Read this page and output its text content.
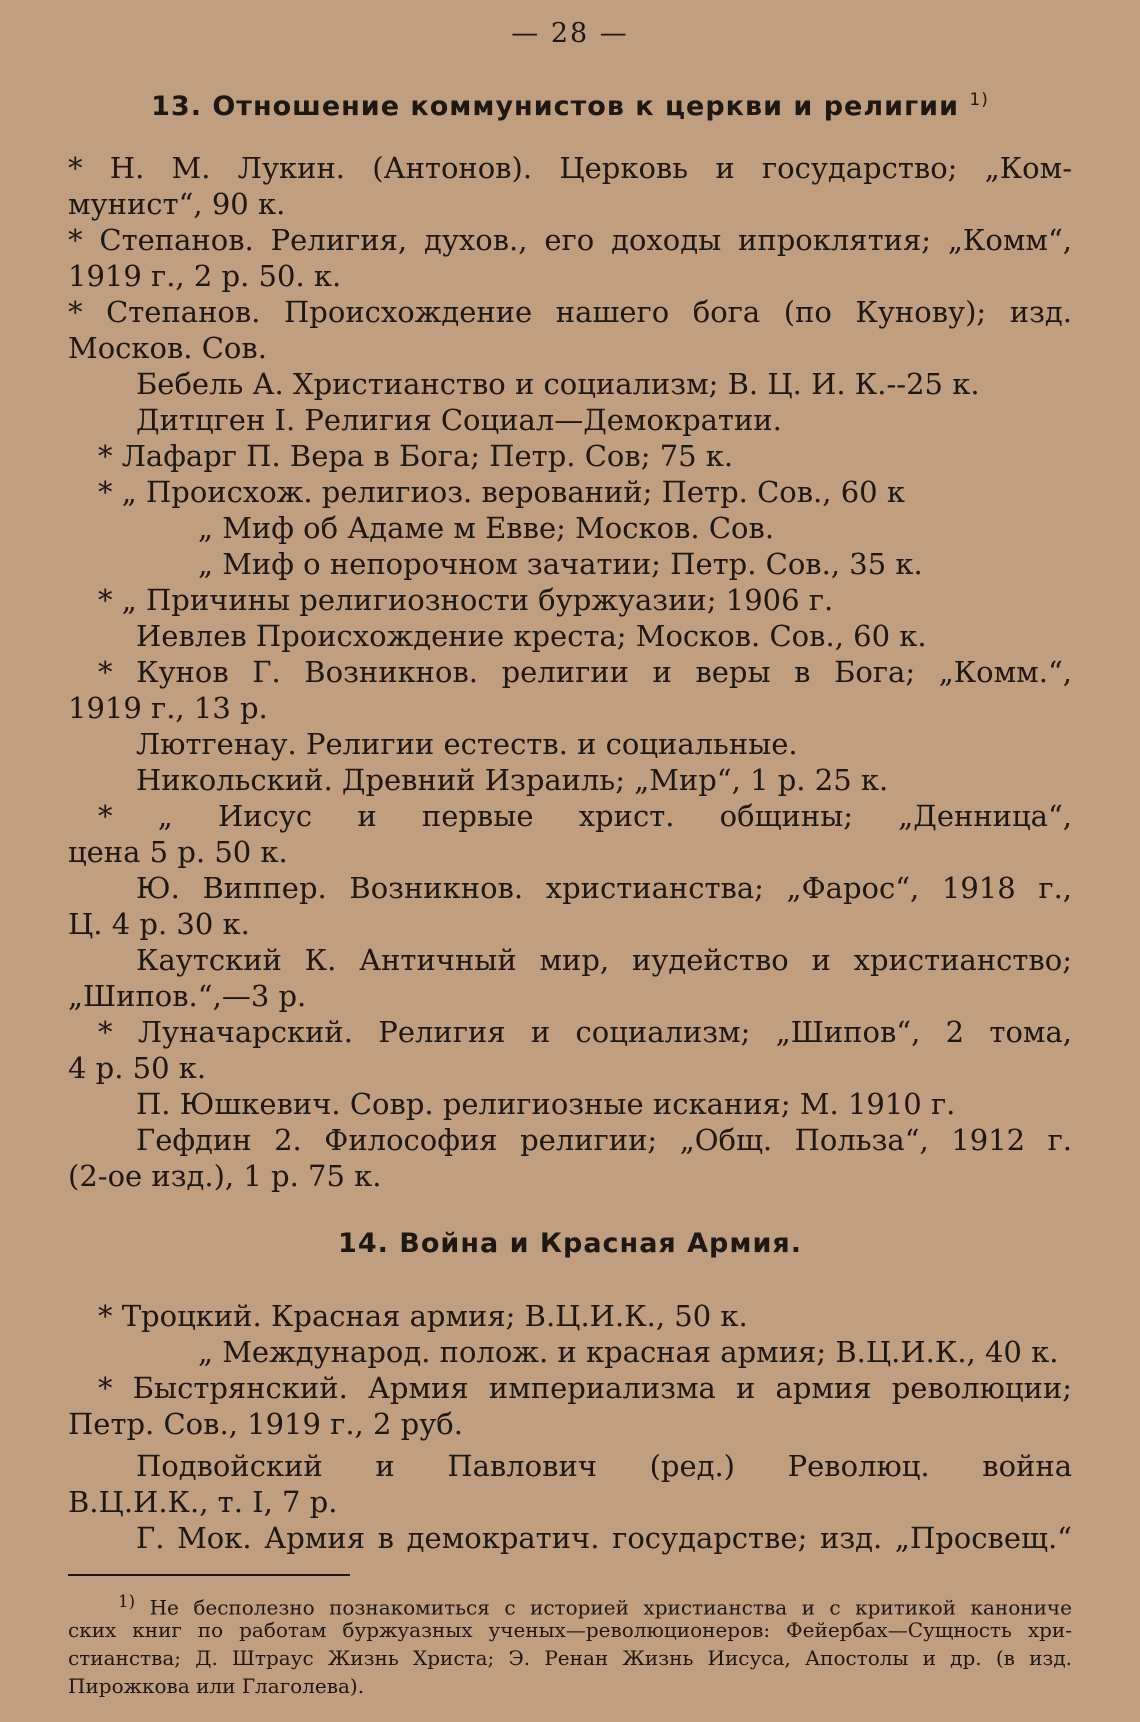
— 28 —
13. Отношение коммунистов к церкви и религии $^{1)}$
* Н. М. Лукин. (Антонов). Церковь и государство; „Ком-
мунист“, 90 к.
* Степанов. Религия, духов., его доходы ипроклятия; „Комм“,
1919 г., 2 р. 50. к.
* Степанов. Происхождение нашего бога (по Кунову); изд.
Москов. Сов.
Бебель А. Христианство и социализм; В. Ц. И. К.--25 к.
Дитцген I. Религия Социал—Демократии.
* Лафарг П. Вера в Бога; Петр. Сов; 75 к.
* „ Происхож. религиоз. верований; Петр. Сов., 60 к
„ Миф об Адаме м Евве; Москов. Сов.
„ Миф о непорочном зачатии; Петр. Сов., 35 к.
* „ Причины религиозности буржуазии; 1906 г.
Иевлев Происхождение креста; Москов. Сов., 60 к.
* Кунов Г. Возникнов. религии и веры в Бога; „Комм.“,
1919 г., 13 р.
Лютгенау. Религии естеств. и социальные.
Никольский. Древний Израиль; „Мир“, 1 р. 25 к.
* „ Иисус и первые христ. общины; „Денница“,
цена 5 р. 50 к.
Ю. Виппер. Возникнов. христианства; „Фарос“, 1918 г.,
Ц. 4 р. 30 к.
Каутский К. Античный мир, иудейство и христианство;
„Шипов.“,—3 р.
* Луначарский. Религия и социализм; „Шипов“, 2 тома,
4 р. 50 к.
П. Юшкевич. Совр. религиозные искания; М. 1910 г.
Гефдин 2. Философия религии; „Общ. Польза“, 1912 г.
(2-ое изд.), 1 р. 75 к.
14. Война и Красная Армия.
* Троцкий. Красная армия; В.Ц.И.К., 50 к.
„ Международ. полож. и красная армия; В.Ц.И.К., 40 к.
* Быстрянский. Армия империализма и армия революции;
Петр. Сов., 1919 г., 2 руб.
Подвойский и Павлович (ред.) Революц. война
В.Ц.И.К., т. I, 7 р.
Г. Мок. Армия в демократич. государстве; изд. „Просвещ.“
$^{1)}$ Не бесполезно познакомиться с историей христианства и с критикой канониче
ских книг по работам буржуазных ученых—революционеров: Фейербах—Сущность хри-
стианства; Д. Штраус Жизнь Христа; Э. Ренан Жизнь Иисуса, Апостолы и др. (в изд.
Пирожкова или Глаголева).
